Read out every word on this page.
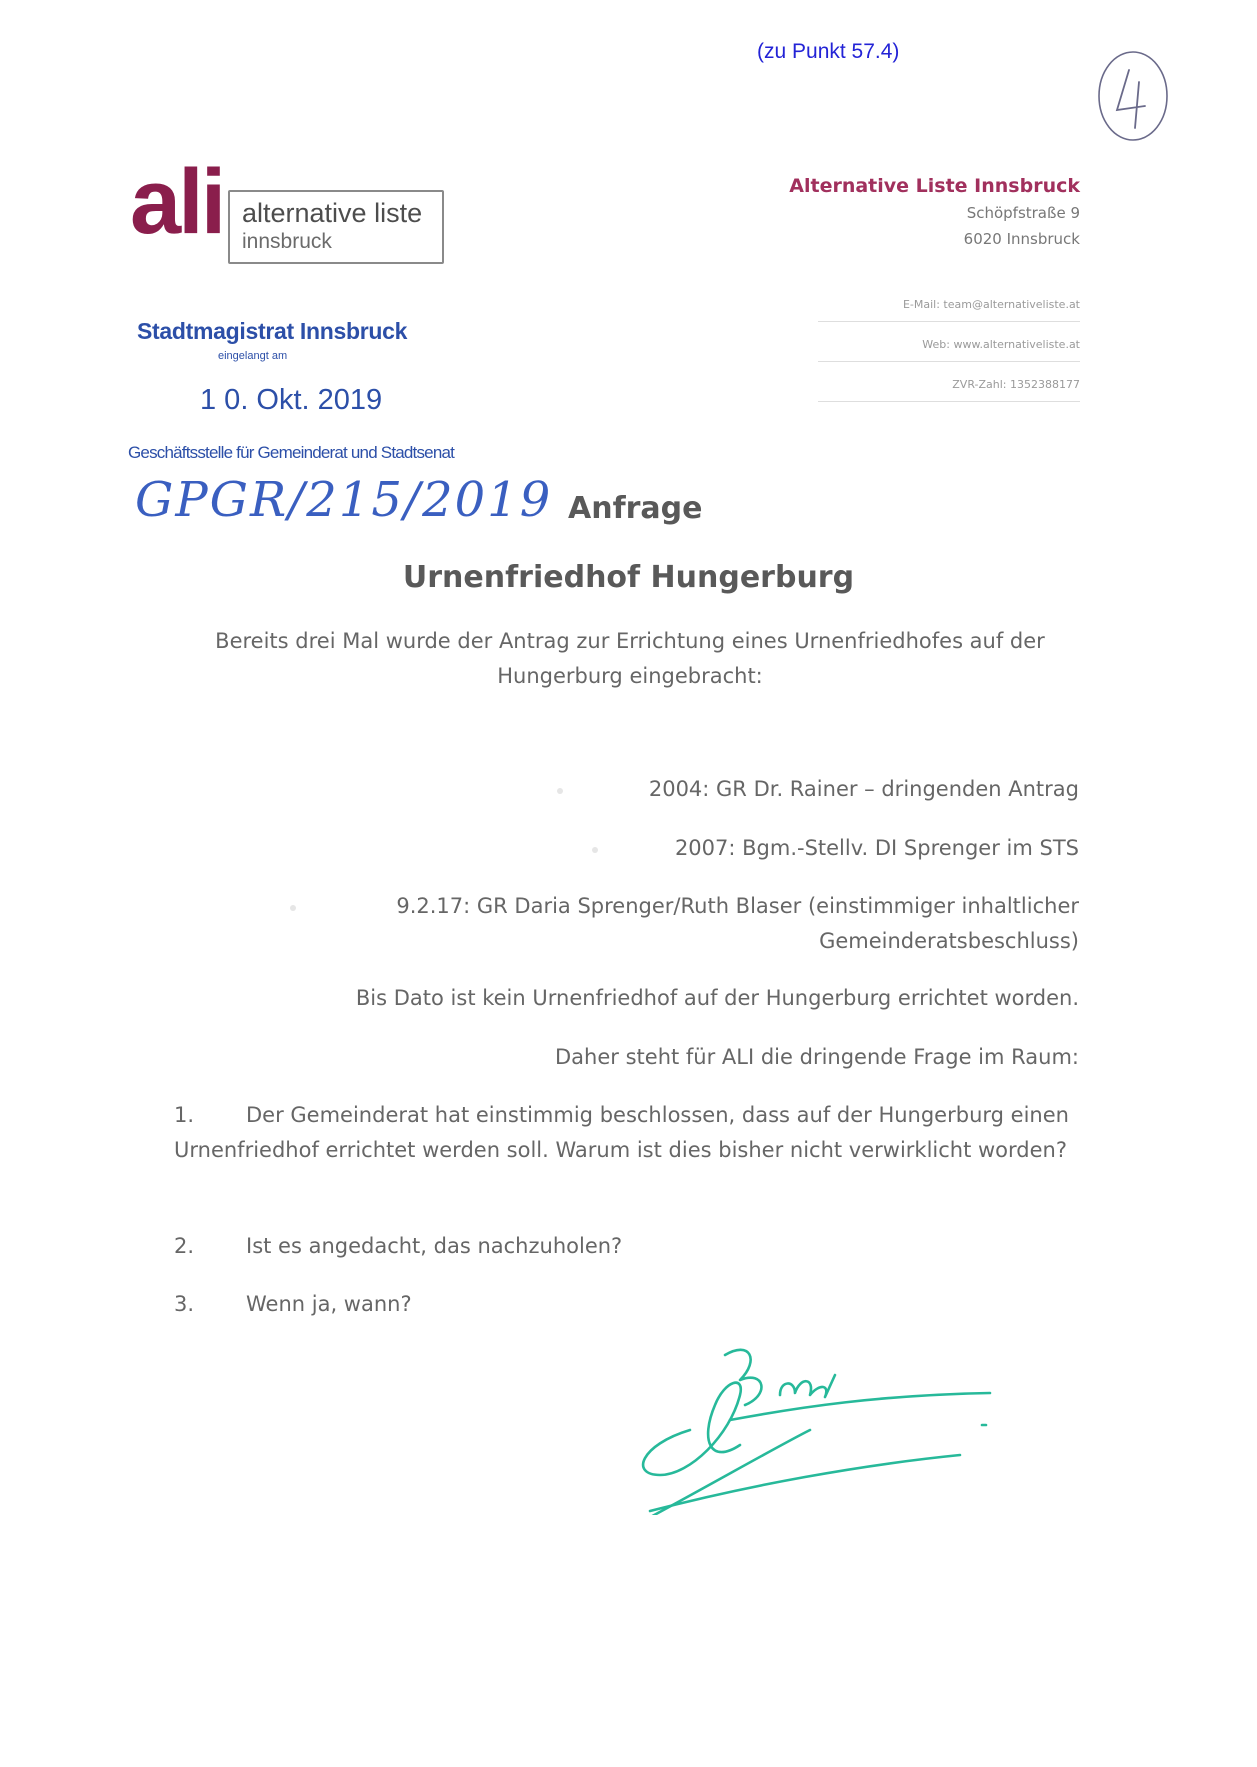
(zu Punkt 57.4)
ali alternative liste
innsbruck
Alternative Liste Innsbruck
Schöpfstraße 9
6020 Innsbruck
E-Mail: team@alternativeliste.at
Web: www.alternativeliste.at
ZVR-Zahl: 1352388177
Stadtmagistrat Innsbruck
eingelangt am
1 0. Okt. 2019
Geschäftsstelle für Gemeinderat und Stadtsenat
GPGR/215/2019 Anfrage
Urnenfriedhof Hungerburg
Bereits drei Mal wurde der Antrag zur Errichtung eines Urnenfriedhofes auf der Hungerburg eingebracht:
2004: GR Dr. Rainer – dringenden Antrag
2007: Bgm.-Stellv. DI Sprenger im STS
9.2.17: GR Daria Sprenger/Ruth Blaser (einstimmiger inhaltlicher Gemeinderatsbeschluss)
Bis Dato ist kein Urnenfriedhof auf der Hungerburg errichtet worden.
Daher steht für ALI die dringende Frage im Raum:
1.	Der Gemeinderat hat einstimmig beschlossen, dass auf der Hungerburg einen Urnenfriedhof errichtet werden soll. Warum ist dies bisher nicht verwirklicht worden?
2.	Ist es angedacht, das nachzuholen?
3.	Wenn ja, wann?
